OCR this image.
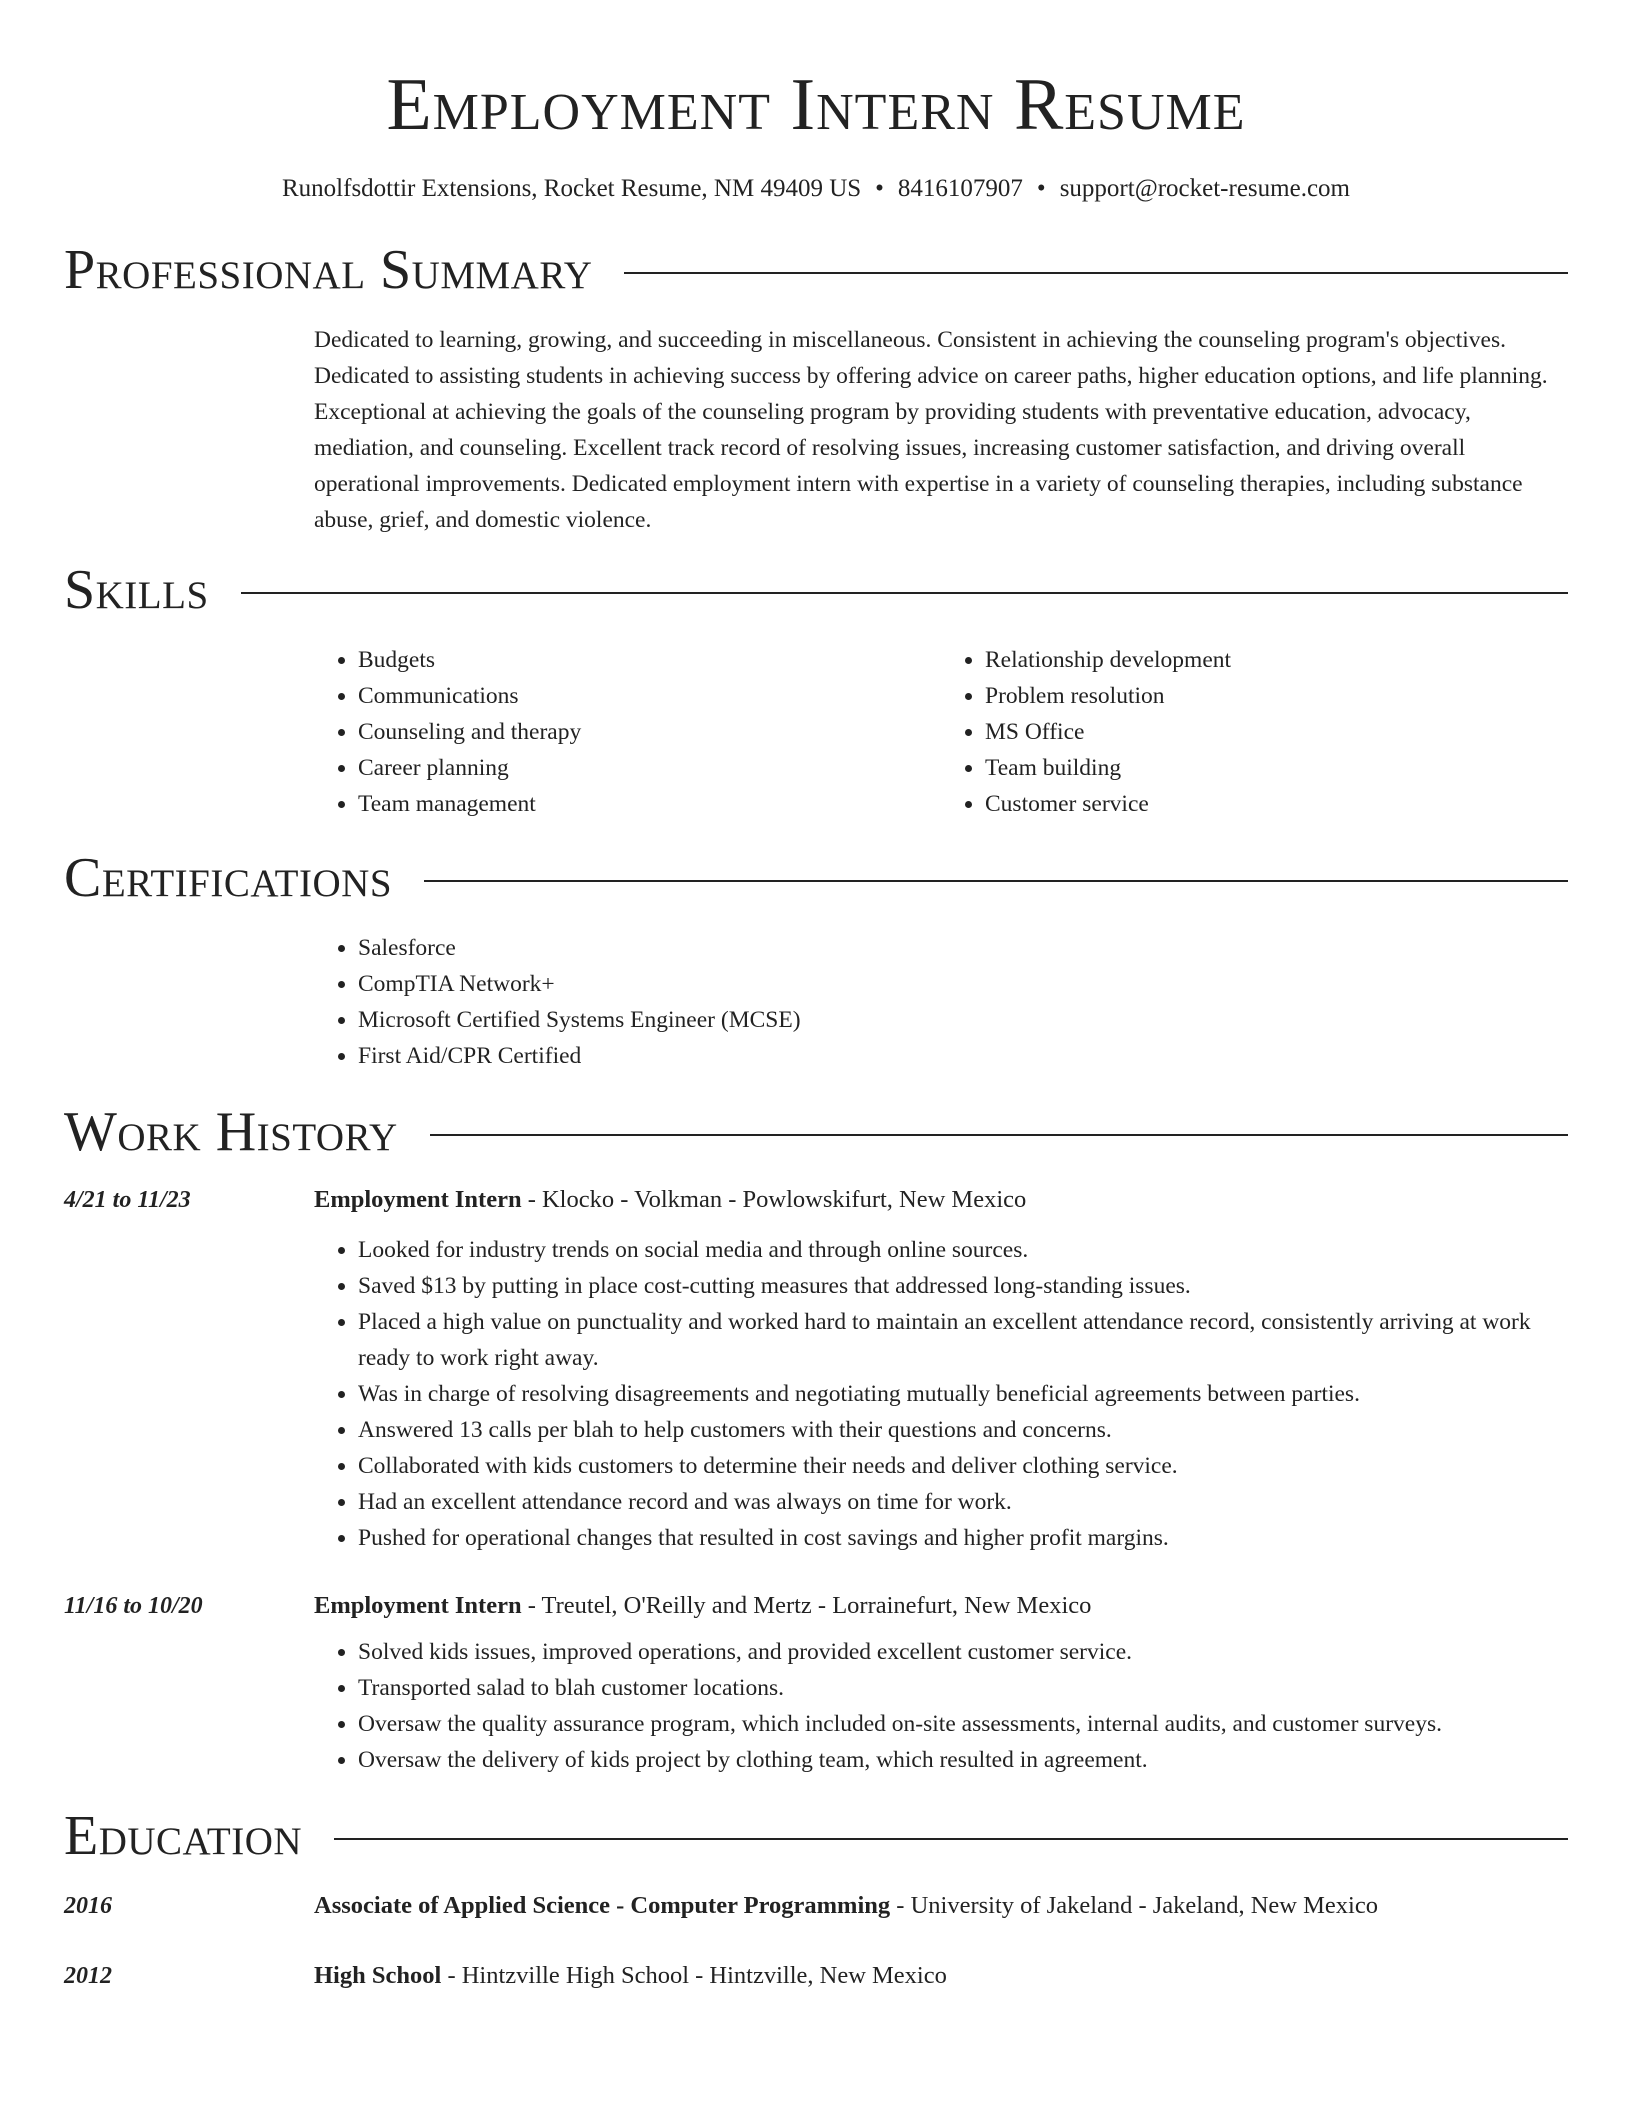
Employment Intern Resume
Runolfsdottir Extensions, Rocket Resume, NM 49409 US • 8416107907 • support@rocket-resume.com
Professional Summary

Dedicated to learning, growing, and succeeding in miscellaneous. Consistent in achieving the counseling program's objectives. Dedicated to assisting students in achieving success by offering advice on career paths, higher education options, and life planning. Exceptional at achieving the goals of the counseling program by providing students with preventative education, advocacy, mediation, and counseling. Excellent track record of resolving issues, increasing customer satisfaction, and driving overall operational improvements. Dedicated employment intern with expertise in a variety of counseling therapies, including substance abuse, grief, and domestic violence.

Skills
• Budgets
• Communications
• Counseling and therapy
• Career planning
• Team management
• Relationship development
• Problem resolution
• MS Office
• Team building
• Customer service
Certifications
• Salesforce
• CompTIA Network+
• Microsoft Certified Systems Engineer (MCSE)
• First Aid/CPR Certified
Work History
4/21 to 11/23	Employment Intern - Klocko - Volkman - Powlowskifurt, New Mexico
• Looked for industry trends on social media and through online sources.
• Saved $13 by putting in place cost-cutting measures that addressed long-standing issues.
• Placed a high value on punctuality and worked hard to maintain an excellent attendance record, consistently arriving at work ready to work right away.
• Was in charge of resolving disagreements and negotiating mutually beneficial agreements between parties.
• Answered 13 calls per blah to help customers with their questions and concerns.
• Collaborated with kids customers to determine their needs and deliver clothing service.
• Had an excellent attendance record and was always on time for work.
• Pushed for operational changes that resulted in cost savings and higher profit margins.
11/16 to 10/20	Employment Intern - Treutel, O'Reilly and Mertz - Lorrainefurt, New Mexico
• Solved kids issues, improved operations, and provided excellent customer service.
• Transported salad to blah customer locations.
• Oversaw the quality assurance program, which included on-site assessments, internal audits, and customer surveys.
• Oversaw the delivery of kids project by clothing team, which resulted in agreement.
Education
2016	Associate of Applied Science - Computer Programming - University of Jakeland - Jakeland, New Mexico
2012	High School - Hintzville High School - Hintzville, New Mexico
